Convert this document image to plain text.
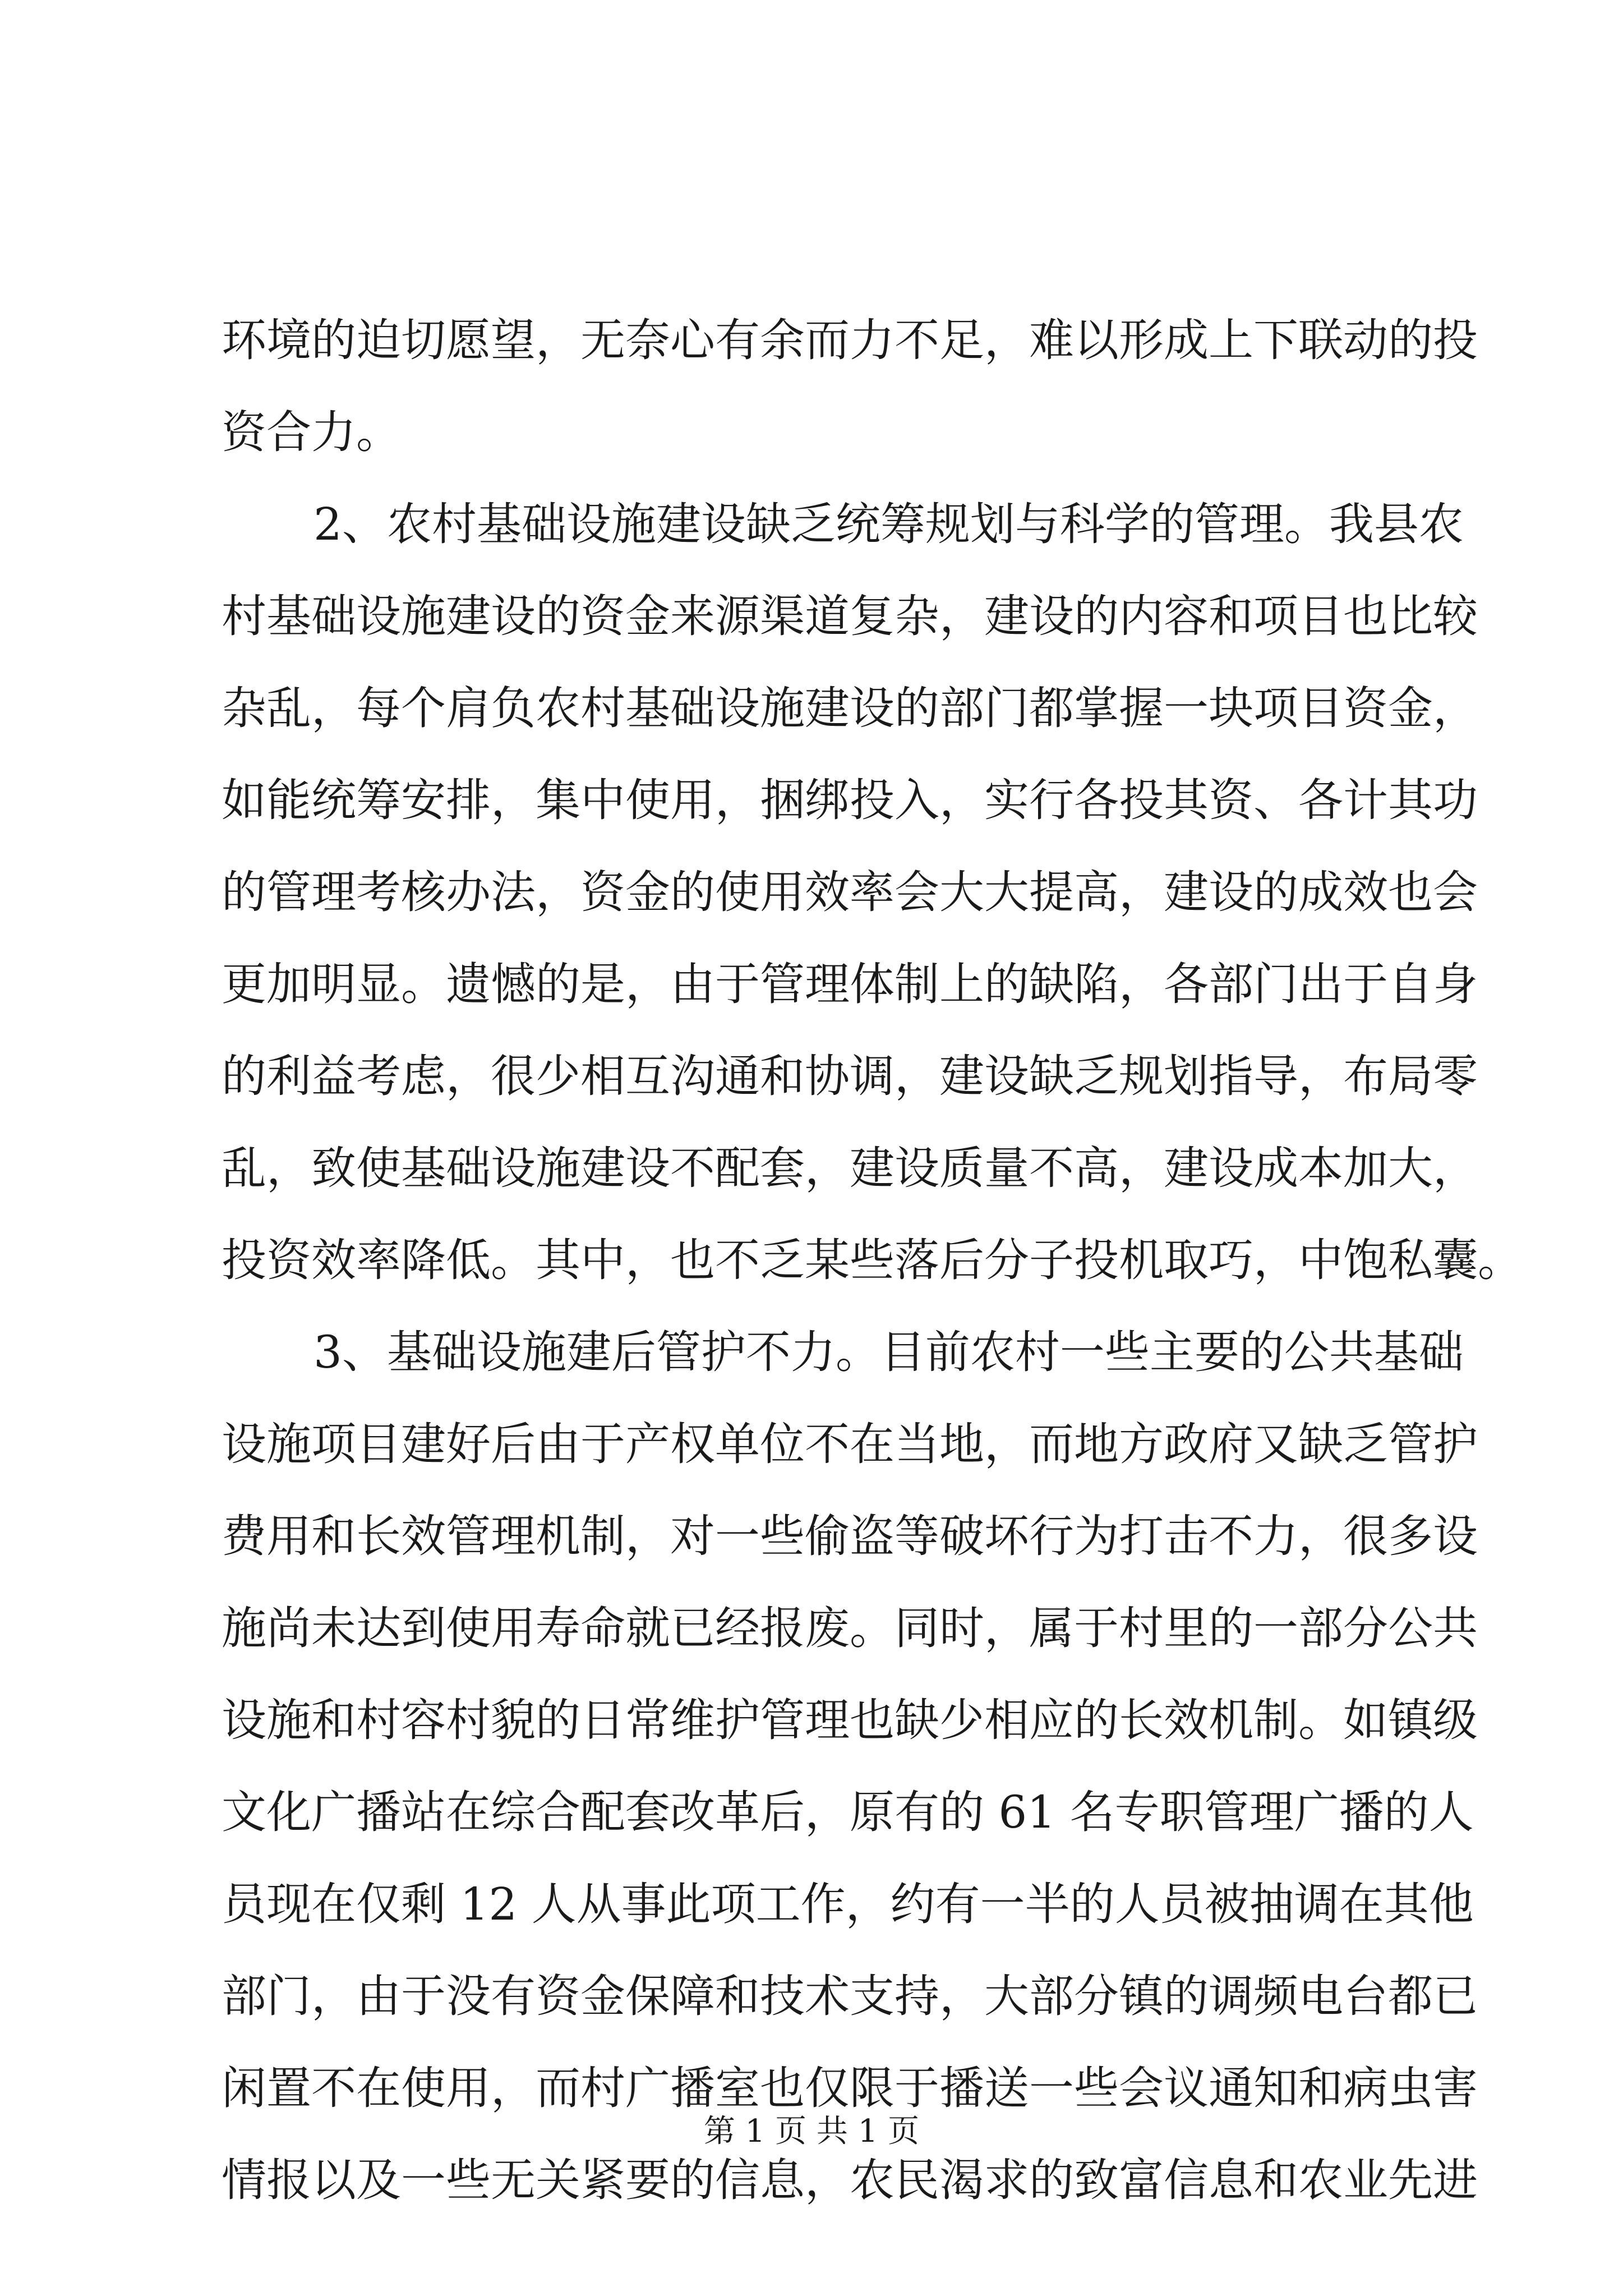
环境的迫切愿望，无奈心有余而力不足，难以形成上下联动的投
资合力。
2、农村基础设施建设缺乏统筹规划与科学的管理。我县农
村基础设施建设的资金来源渠道复杂，建设的内容和项目也比较
杂乱，每个肩负农村基础设施建设的部门都掌握一块项目资金，
如能统筹安排，集中使用，捆绑投入，实行各投其资、各计其功
的管理考核办法，资金的使用效率会大大提高，建设的成效也会
更加明显。遗憾的是，由于管理体制上的缺陷，各部门出于自身
的利益考虑，很少相互沟通和协调，建设缺乏规划指导，布局零
乱，致使基础设施建设不配套，建设质量不高，建设成本加大，
投资效率降低。其中，也不乏某些落后分子投机取巧，中饱私囊。
3、基础设施建后管护不力。目前农村一些主要的公共基础
设施项目建好后由于产权单位不在当地，而地方政府又缺乏管护
费用和长效管理机制，对一些偷盗等破坏行为打击不力，很多设
施尚未达到使用寿命就已经报废。同时，属于村里的一部分公共
设施和村容村貌的日常维护管理也缺少相应的长效机制。如镇级
文化广播站在综合配套改革后，原有的 61 名专职管理广播的人
员现在仅剩 12 人从事此项工作，约有一半的人员被抽调在其他
部门，由于没有资金保障和技术支持，大部分镇的调频电台都已
闲置不在使用，而村广播室也仅限于播送一些会议通知和病虫害
情报以及一些无关紧要的信息，农民渴求的致富信息和农业先进
第 1 页 共 1 页
